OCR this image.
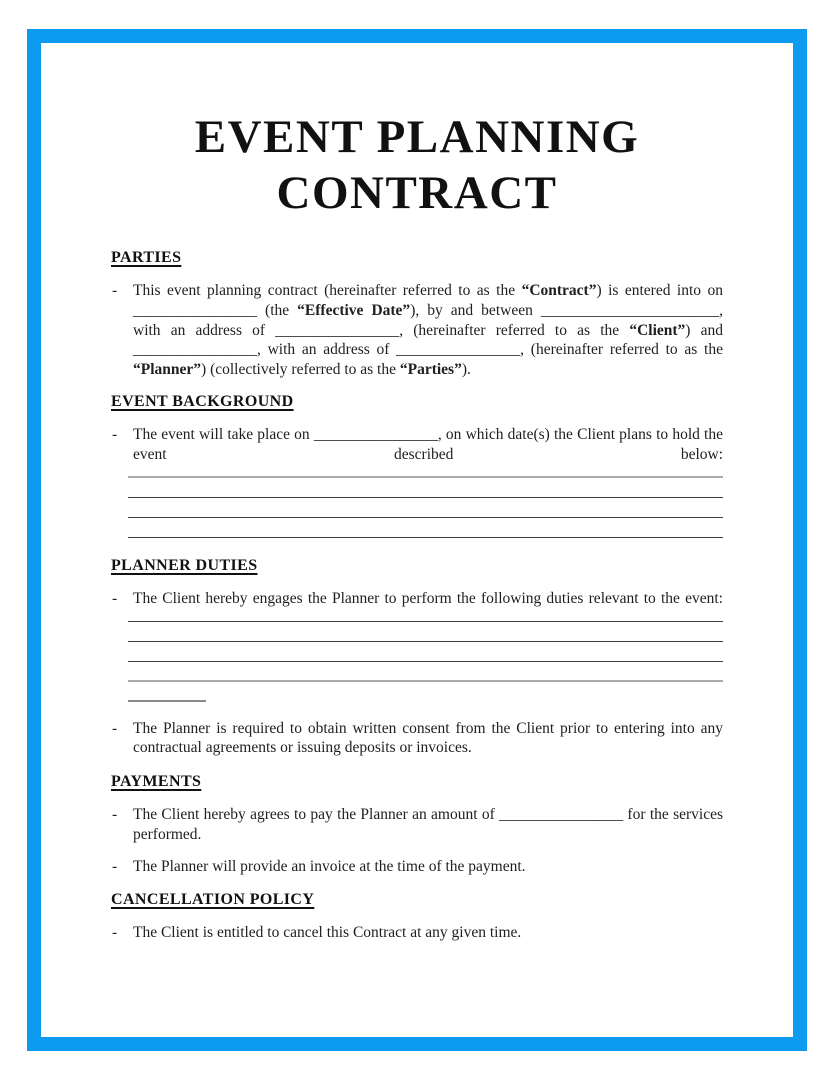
EVENT PLANNING
CONTRACT
PARTIES
- This event planning contract (hereinafter referred to as the “Contract”) is entered into on
________________ (the “Effective Date”), by and between _______________________,
with an address of ________________, (hereinafter referred to as the “Client”) and
________________, with an address of ________________, (hereinafter referred to as the
“Planner”) (collectively referred to as the “Parties”).
EVENT BACKGROUND
- The event will take place on ________________, on which date(s) the Client plans to hold the
event described below:
PLANNER DUTIES
- The Client hereby engages the Planner to perform the following duties relevant to the event:
- The Planner is required to obtain written consent from the Client prior to entering into any
contractual agreements or issuing deposits or invoices.
PAYMENTS
- The Client hereby agrees to pay the Planner an amount of ________________ for the services
performed.
- The Planner will provide an invoice at the time of the payment.
CANCELLATION POLICY
- The Client is entitled to cancel this Contract at any given time.
